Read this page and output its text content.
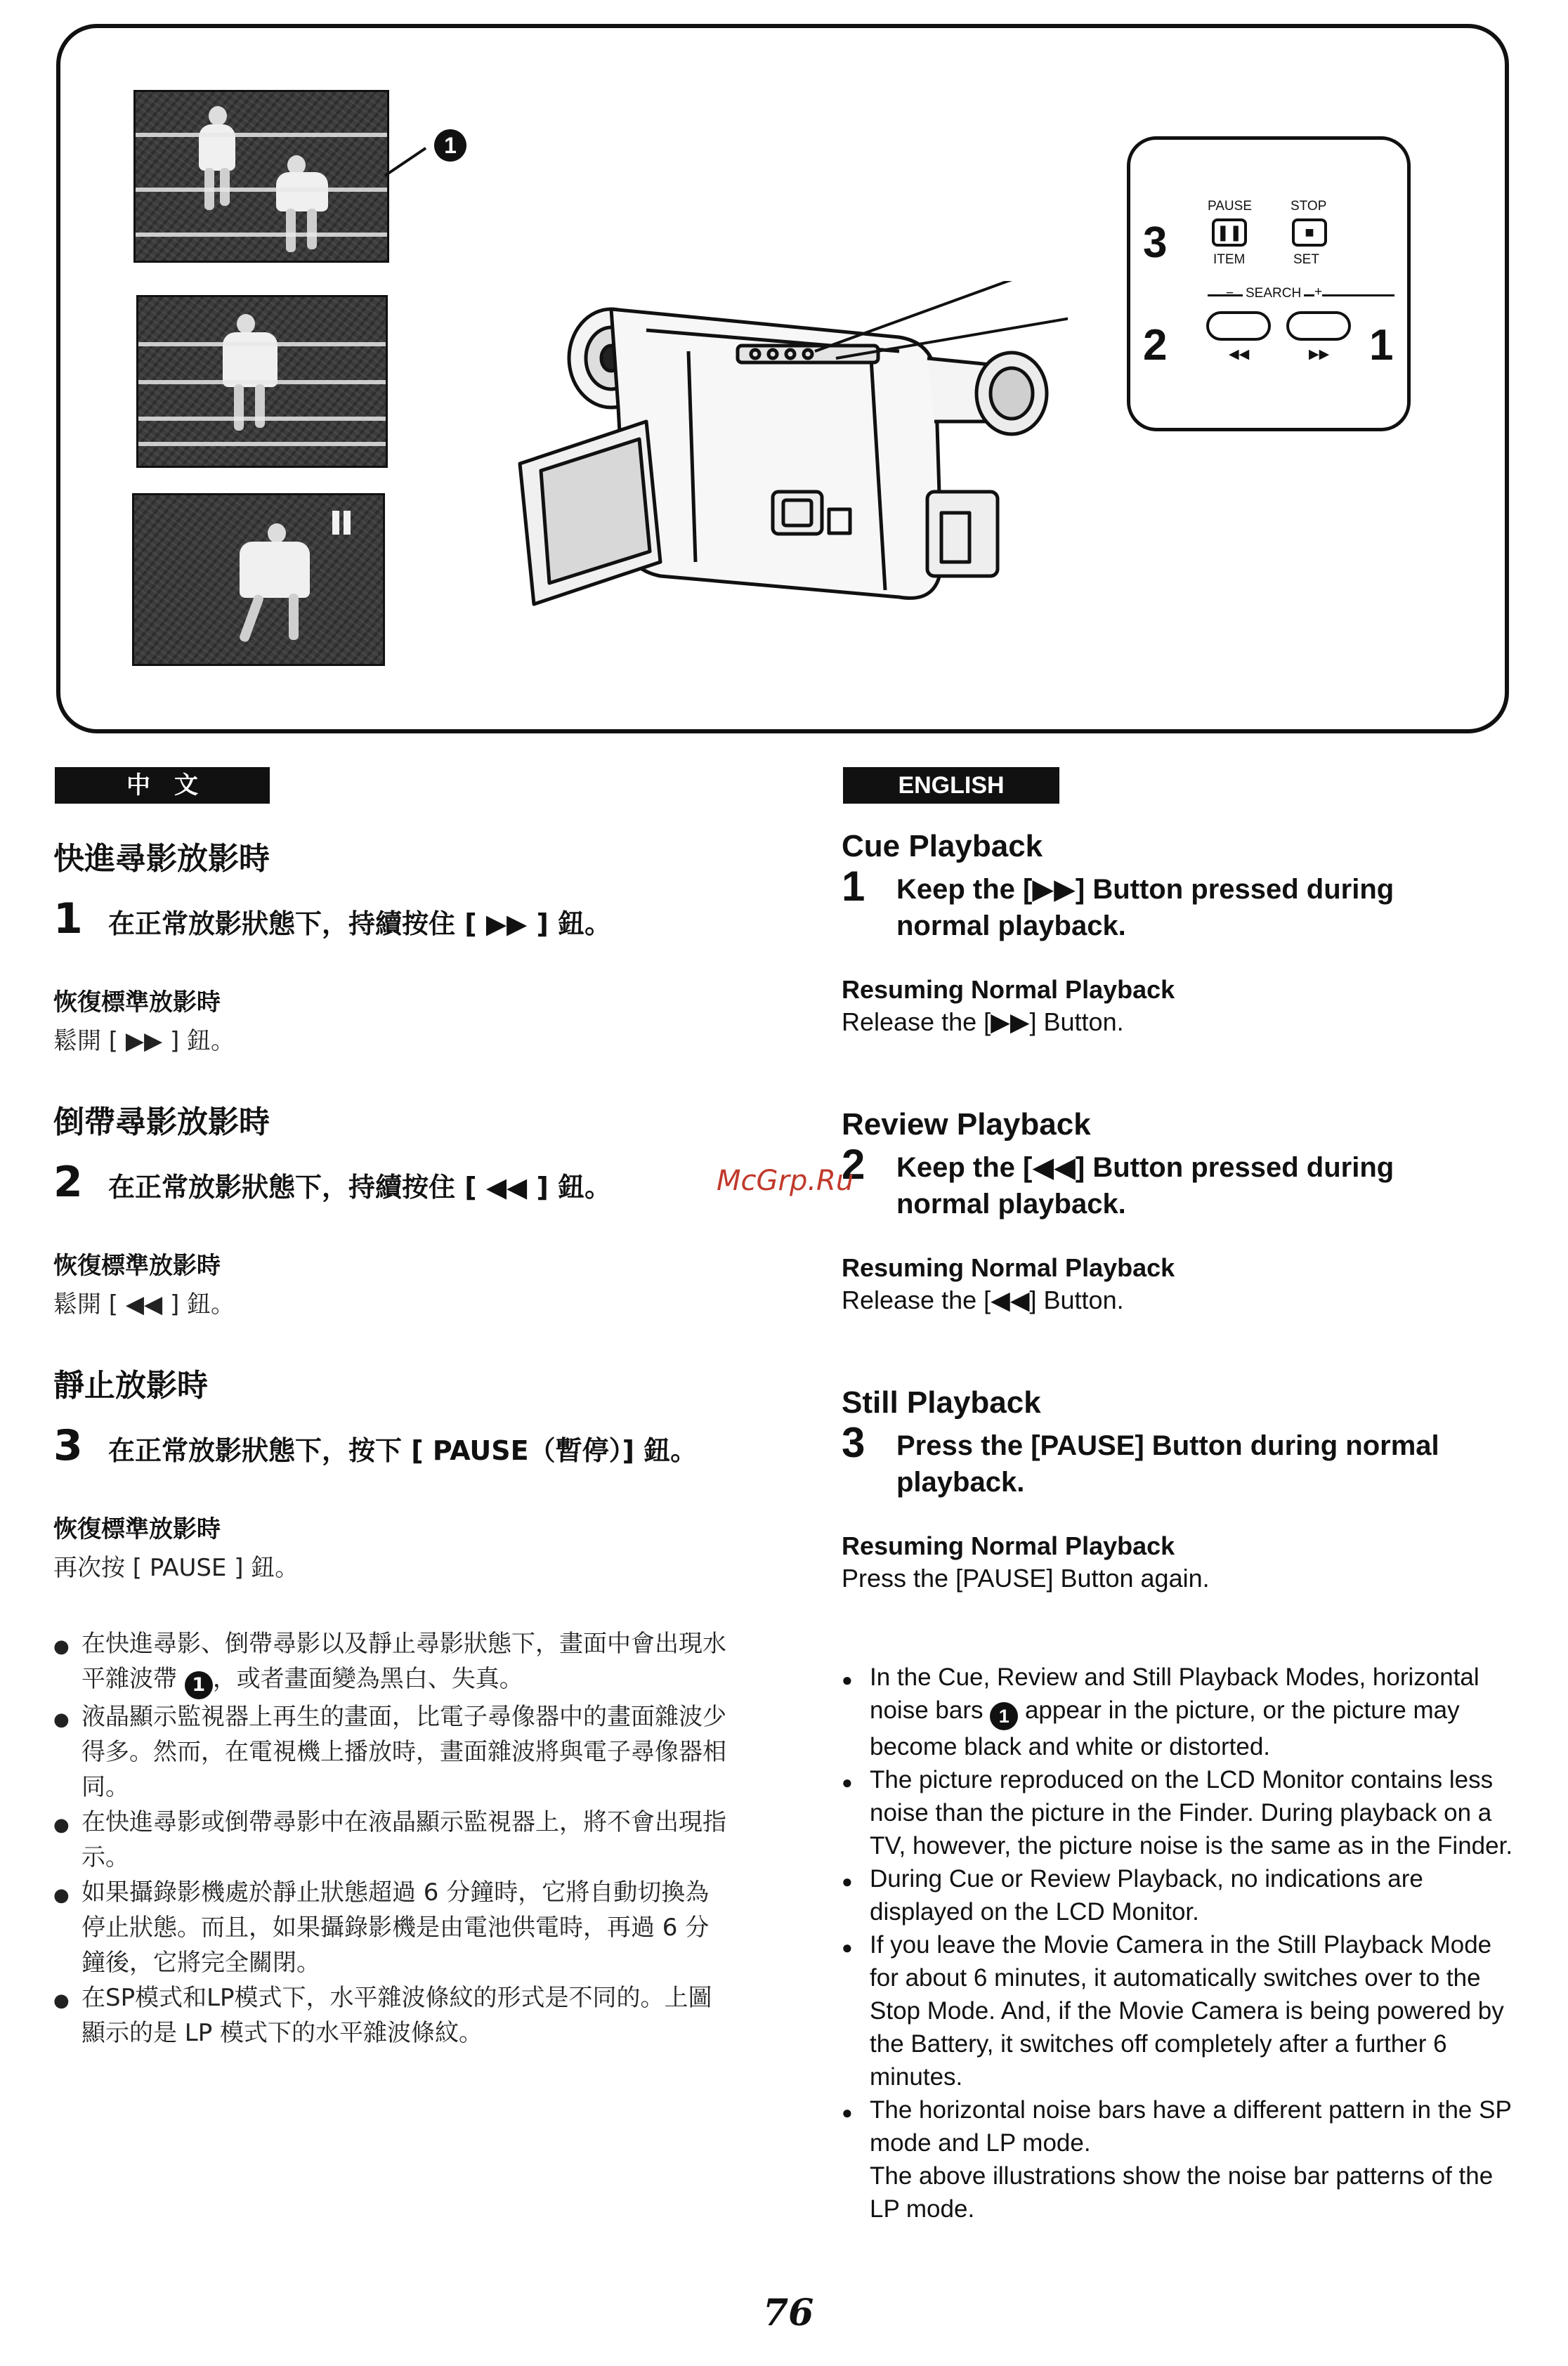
1
PAUSE	STOP
❚❚	■
ITEM	SET
− SEARCH +
◀◀	▶▶
3
2	1
中　文	ENGLISH
快進尋影放影時
1 在正常放影狀態下，持續按住 [ ▶▶ ] 鈕。
恢復標準放影時
鬆開 [ ▶▶ ] 鈕。
倒帶尋影放影時
2 在正常放影狀態下，持續按住 [ ◀◀ ] 鈕。
恢復標準放影時
鬆開 [ ◀◀ ] 鈕。
靜止放影時
3 在正常放影狀態下，按下 [ PAUSE（暫停）] 鈕。
恢復標準放影時
再次按 [ PAUSE ] 鈕。
● 在快進尋影、倒帶尋影以及靜止尋影狀態下，畫面中會出現水平雜波帶 1 ，或者畫面變為黑白、失真。
● 液晶顯示監視器上再生的畫面，比電子尋像器中的畫面雜波少得多。然而，在電視機上播放時，畫面雜波將與電子尋像器相同。
● 在快進尋影或倒帶尋影中在液晶顯示監視器上，將不會出現指示。
● 如果攝錄影機處於靜止狀態超過 6 分鐘時，它將自動切換為停止狀態。而且，如果攝錄影機是由電池供電時，再過 6 分鐘後，它將完全關閉。
● 在SP模式和LP模式下，水平雜波條紋的形式是不同的。上圖顯示的是 LP 模式下的水平雜波條紋。
Cue Playback
1	Keep the [▶▶] Button pressed during normal playback.
Resuming Normal Playback
Release the [▶▶] Button.
Review Playback
2	Keep the [◀◀] Button pressed during normal playback.
Resuming Normal Playback
Release the [◀◀] Button.
Still Playback
3	Press the [PAUSE] Button during normal playback.
Resuming Normal Playback
Press the [PAUSE] Button again.
● In the Cue, Review and Still Playback Modes, horizontal noise bars 1 appear in the picture, or the picture may become black and white or distorted.
● The picture reproduced on the LCD Monitor contains less noise than the picture in the Finder. During playback on a TV, however, the picture noise is the same as in the Finder.
● During Cue or Review Playback, no indications are displayed on the LCD Monitor.
● If you leave the Movie Camera in the Still Playback Mode for about 6 minutes, it automatically switches over to the Stop Mode. And, if the Movie Camera is being powered by the Battery, it switches off completely after a further 6 minutes.
● The horizontal noise bars have a different pattern in the SP mode and LP mode.
The above illustrations show the noise bar patterns of the LP mode.
McGrp.Ru
76
